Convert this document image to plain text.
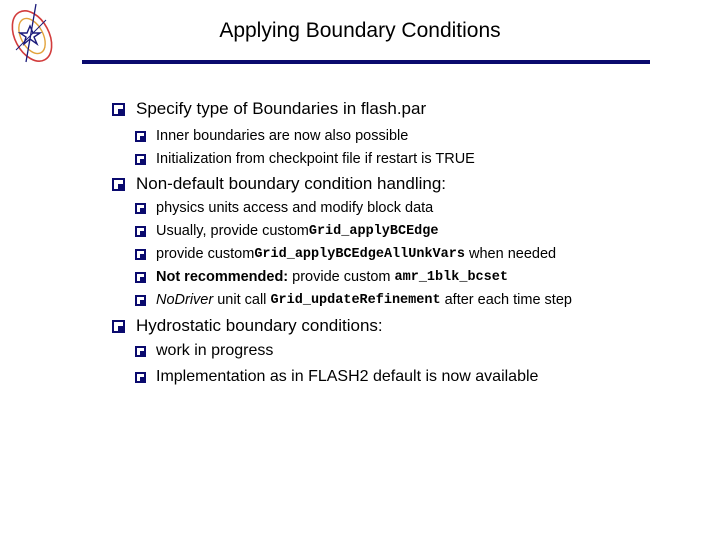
Applying Boundary Conditions
Specify type of Boundaries in flash.par
Inner boundaries are now also possible
Initialization from checkpoint file if restart is TRUE
Non-default boundary condition handling:
physics units access and modify block data
Usually, provide custom Grid_applyBCEdge
provide custom Grid_applyBCEdgeAllUnkVars when needed
Not recommended: provide custom amr_1blk_bcset
NoDriver unit call Grid_updateRefinement after each time step
Hydrostatic boundary conditions:
work in progress
Implementation as in FLASH2 default is now available
